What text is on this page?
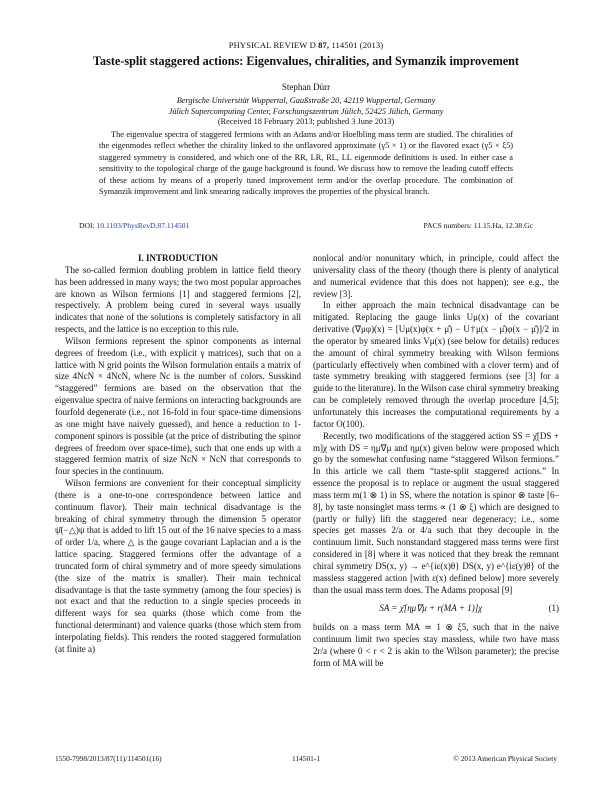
PHYSICAL REVIEW D 87, 114501 (2013)
Taste-split staggered actions: Eigenvalues, chiralities, and Symanzik improvement
Stephan Dürr
Bergische Universität Wuppertal, Gaußstraße 20, 42119 Wuppertal, Germany
Jülich Supercomputing Center, Forschungszentrum Jülich, 52425 Jülich, Germany
(Received 18 February 2013; published 3 June 2013)
The eigenvalue spectra of staggered fermions with an Adams and/or Hoelbling mass term are studied. The chiralities of the eigenmodes reflect whether the chirality linked to the unflavored approximate (γ5 × 1) or the flavored exact (γ5 × ξ5) staggered symmetry is considered, and which one of the RR, LR, RL, LL eigenmode definitions is used. In either case a sensitivity to the topological charge of the gauge background is found. We discuss how to remove the leading cutoff effects of these actions by means of a properly tuned improvement term and/or the overlap procedure. The combination of Symanzik improvement and link smearing radically improves the properties of the physical branch.
DOI: 10.1103/PhysRevD.87.114501	PACS numbers: 11.15.Ha, 12.38.Gc

I. INTRODUCTION

The so-called fermion doubling problem in lattice field theory has been addressed in many ways; the two most popular approaches are known as Wilson fermions [1] and staggered fermions [2], respectively. A problem being cured in several ways usually indicates that none of the solutions is completely satisfactory in all respects, and the lattice is no exception to this rule.

Wilson fermions represent the spinor components as internal degrees of freedom (i.e., with explicit γ matrices), such that on a lattice with N grid points the Wilson formulation entails a matrix of size 4NcN × 4NcN, where Nc is the number of colors. Susskind “staggered” fermions are based on the observation that the eigenvalue spectra of naive fermions on interacting backgrounds are fourfold degenerate (i.e., not 16-fold in four space-time dimensions as one might have naively guessed), and hence a reduction to 1-component spinors is possible (at the price of distributing the spinor degrees of freedom over space-time), such that one ends up with a staggered fermion matrix of size NcN × NcN that corresponds to four species in the continuum.

Wilson fermions are convenient for their conceptual simplicity (there is a one-to-one correspondence between lattice and continuum flavor). Their main technical disadvantage is the breaking of chiral symmetry through the dimension 5 operator ψ̄(−△)ψ that is added to lift 15 out of the 16 naive species to a mass of order 1/a, where △ is the gauge covariant Laplacian and a is the lattice spacing. Staggered fermions offer the advantage of a truncated form of chiral symmetry and of more speedy simulations (the size of the matrix is smaller). Their main technical disadvantage is that the taste symmetry (among the four species) is not exact and that the reduction to a single species proceeds in different ways for sea quarks (those which come from the functional determinant) and valence quarks (those which stem from interpolating fields). This renders the rooted staggered formulation (at finite a)

nonlocal and/or nonunitary which, in principle, could affect the universality class of the theory (though there is plenty of analytical and numerical evidence that this does not happen); see e.g., the review [3].

In either approach the main technical disadvantage can be mitigated. Replacing the gauge links Uμ(x) of the covariant derivative (∇μφ)(x) = [Uμ(x)φ(x + μ̂) − U†μ(x − μ̂)φ(x − μ̂)]/2 in the operator by smeared links Vμ(x) (see below for details) reduces the amount of chiral symmetry breaking with Wilson fermions (particularly effectively when combined with a clover term) and of taste symmetry breaking with staggered fermions (see [3] for a guide to the literature). In the Wilson case chiral symmetry breaking can be completely removed through the overlap procedure [4,5]; unfortunately this increases the computational requirements by a factor O(100).

Recently, two modifications of the staggered action SS = χ̄[DS + m]χ with DS = ημ∇μ and ημ(x) given below were proposed which go by the somewhat confusing name “staggered Wilson fermions.” In this article we call them “taste-split staggered actions.” In essence the proposal is to replace or augment the usual staggered mass term m(1 ⊗ 1) in SS, where the notation is spinor ⊗ taste [6–8], by taste nonsinglet mass terms ∝ (1 ⊗ ξ) which are designed to (partly or fully) lift the staggered near degeneracy; i.e., some species get masses 2/a or 4/a such that they decouple in the continuum limit. Such nonstandard staggered mass terms were first considered in [8] where it was noticed that they break the remnant chiral symmetry DS(x, y) → e^{iε(x)θ} DS(x, y) e^{iε(y)θ} of the massless staggered action [with ε(x) defined below] more severely than the usual mass term does. The Adams proposal [9]

SA = χ̄[ημ∇μ + r(MA + 1)]χ	(1)

builds on a mass term MA ≃ 1 ⊗ ξ5, such that in the naive continuum limit two species stay massless, while two have mass 2r/a (where 0 < r < 2 is akin to the Wilson parameter); the precise form of MA will be

1550-7998/2013/87(11)/114501(16)	114501-1	© 2013 American Physical Society
